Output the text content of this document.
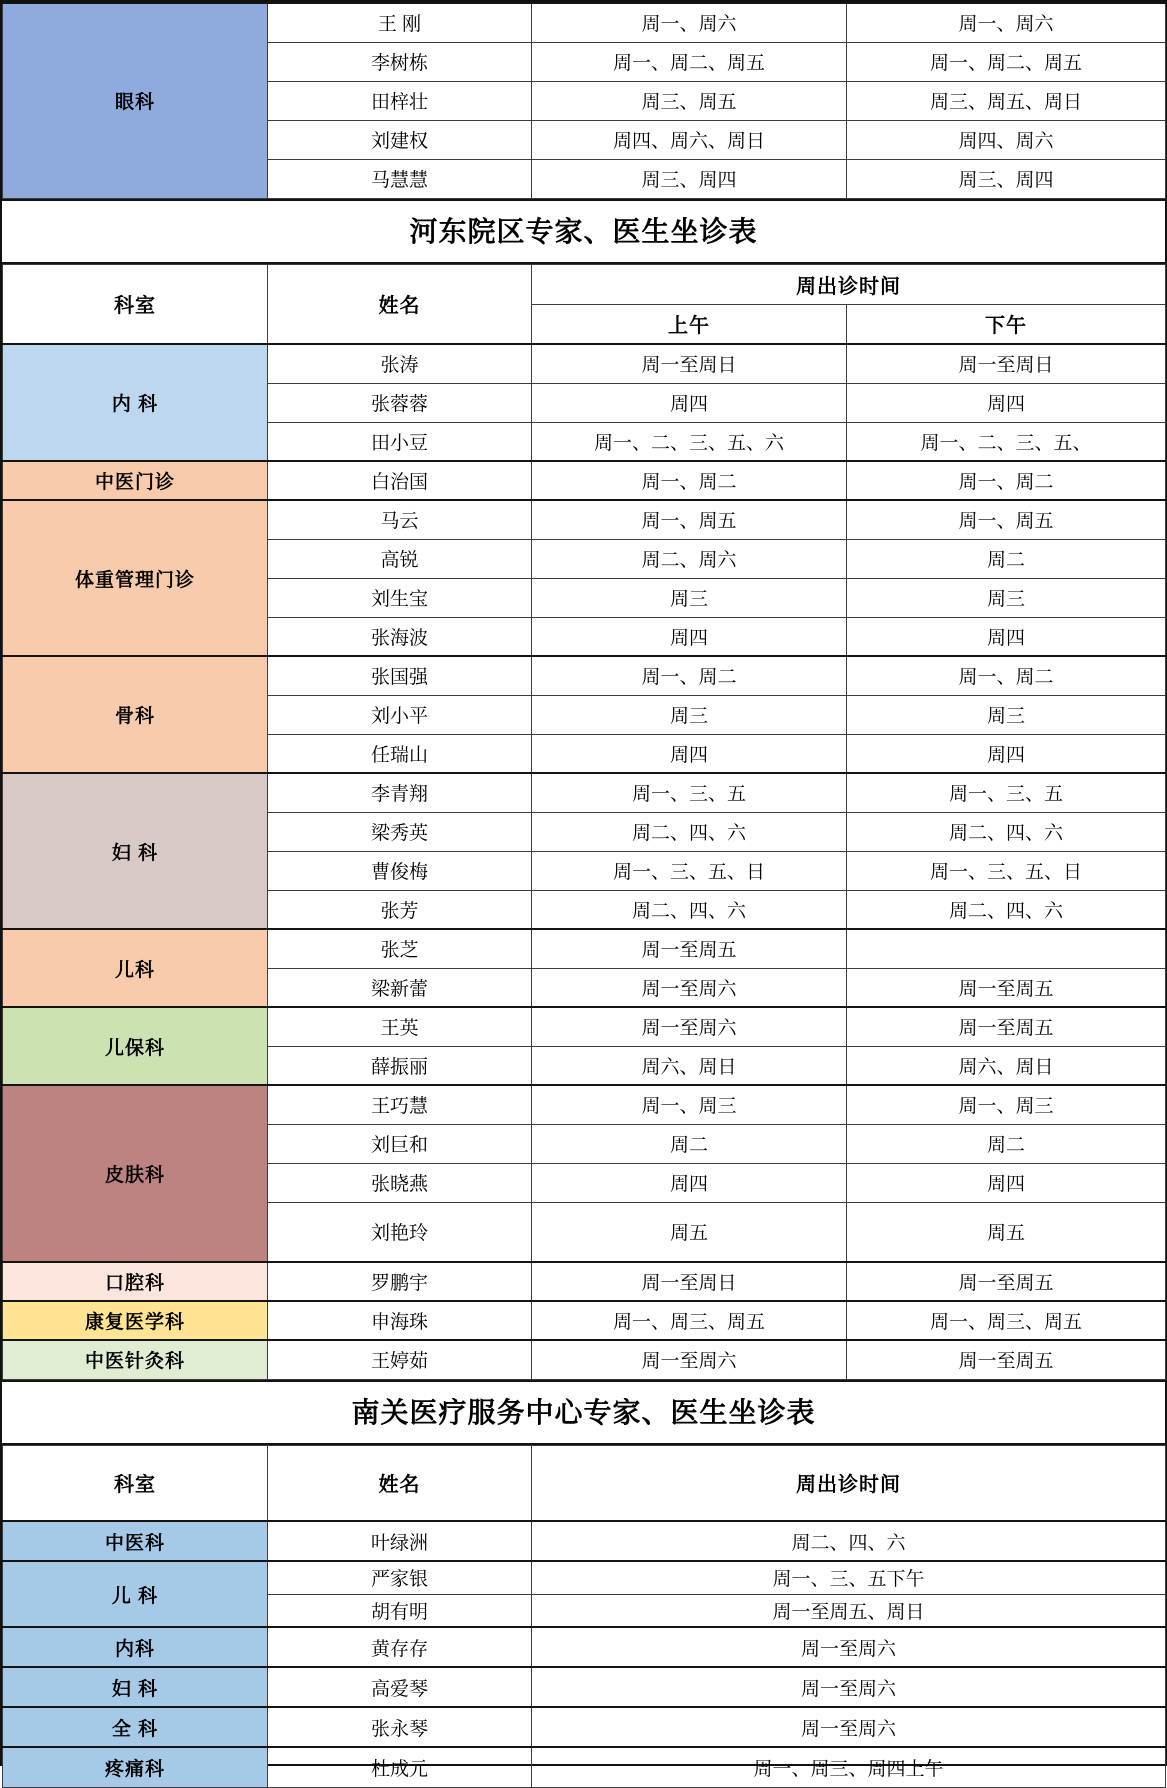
眼科	王 刚	周一、周六	周一、周六
	李树栋	周一、周二、周五	周一、周二、周五
	田梓壮	周三、周五	周三、周五、周日
	刘建权	周四、周六、周日	周四、周六
	马慧慧	周三、周四	周三、周四
河东院区专家、医生坐诊表
科室	姓名	周出诊时间	
		上午	下午
内 科	张涛	周一至周日	周一至周日
	张蓉蓉	周四	周四
	田小豆	周一、二、三、五、六	周一、二、三、五、
中医门诊	白治国	周一、周二	周一、周二
体重管理门诊	马云	周一、周五	周一、周五
	高锐	周二、周六	周二
	刘生宝	周三	周三
	张海波	周四	周四
骨科	张国强	周一、周二	周一、周二
	刘小平	周三	周三
	任瑞山	周四	周四
妇 科	李青翔	周一、三、五	周一、三、五
	梁秀英	周二、四、六	周二、四、六
	曹俊梅	周一、三、五、日	周一、三、五、日
	张芳	周二、四、六	周二、四、六
儿科	张芝	周一至周五	
	梁新蕾	周一至周六	周一至周五
儿保科	王英	周一至周六	周一至周五
	薛振丽	周六、周日	周六、周日
皮肤科	王巧慧	周一、周三	周一、周三
	刘巨和	周二	周二
	张晓燕	周四	周四
	刘艳玲	周五	周五
口腔科	罗鹏宇	周一至周日	周一至周五
康复医学科	申海珠	周一、周三、周五	周一、周三、周五
中医针灸科	王婷茹	周一至周六	周一至周五
南关医疗服务中心专家、医生坐诊表
科室	姓名	周出诊时间
中医科	叶绿洲	周二、四、六
儿 科	严家银	周一、三、五下午
	胡有明	周一至周五、周日
内科	黄存存	周一至周六
妇 科	高爱琴	周一至周六
全 科	张永琴	周一至周六
疼痛科	杜成元	周一、周三、周四上午
